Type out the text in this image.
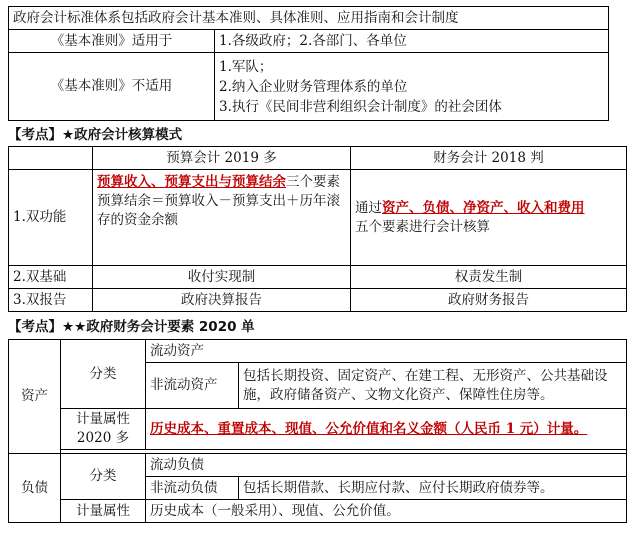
政府会计标准体系包括政府会计基本准则、具体准则、应用指南和会计制度	
《基本准则》适用于	1.各级政府；2.各部门、各单位
《基本准则》不适用	1.军队；
2.纳入企业财务管理体系的单位
3.执行《民间非营利组织会计制度》的社会团体
【考点】★政府会计核算模式
	预算会计 2019 多	财务会计 2018 判
1.双功能	预算收入、预算支出与预算结余三个要素
预算结余＝预算收入－预算支出＋历年滚存的资金余额	通过资产、负债、净资产、收入和费用
五个要素进行会计核算
2.双基础	收付实现制	权责发生制
3.双报告	政府决算报告	政府财务报告
【考点】★★政府财务会计要素 2020 单
资产	分类	流动资产	
		非流动资产	包括长期投资、固定资产、在建工程、无形资产、公共基础设施，政府储备资产、文物文化资产、保障性住房等。
	计量属性 2020 多	历史成本、重置成本、现值、公允价值和名义金额（人民币 1 元）计量。	

负债	分类	流动负债	
		非流动负债	包括长期借款、长期应付款、应付长期政府债券等。
	计量属性	历史成本（一般采用）、现值、公允价值。	
